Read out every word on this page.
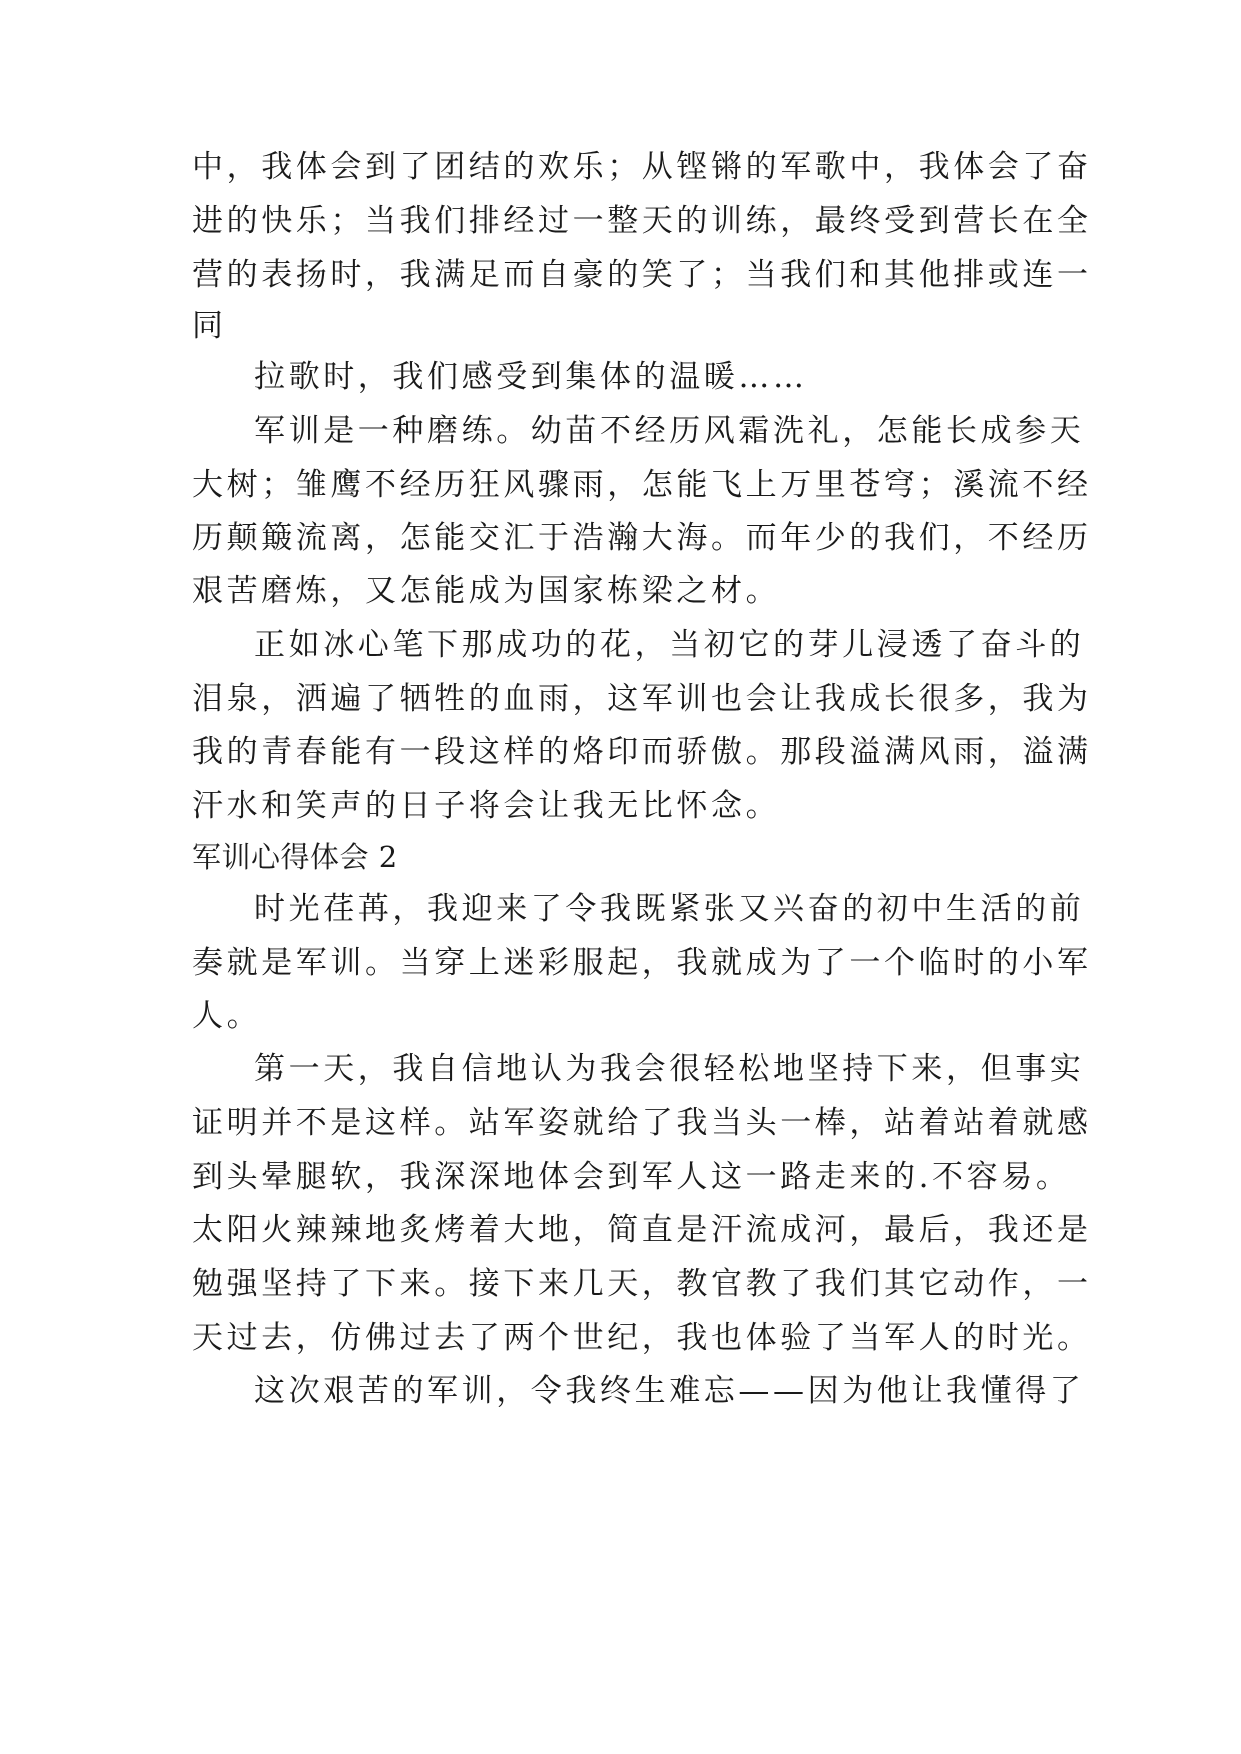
中，我体会到了团结的欢乐；从铿锵的军歌中，我体会了奋
进的快乐；当我们排经过一整天的训练，最终受到营长在全
营的表扬时，我满足而自豪的笑了；当我们和其他排或连一
同
拉歌时，我们感受到集体的温暖……
军训是一种磨练。幼苗不经历风霜洗礼，怎能长成参天
大树；雏鹰不经历狂风骤雨，怎能飞上万里苍穹；溪流不经
历颠簸流离，怎能交汇于浩瀚大海。而年少的我们，不经历
艰苦磨炼，又怎能成为国家栋梁之材。
正如冰心笔下那成功的花，当初它的芽儿浸透了奋斗的
泪泉，洒遍了牺牲的血雨，这军训也会让我成长很多，我为
我的青春能有一段这样的烙印而骄傲。那段溢满风雨，溢满
汗水和笑声的日子将会让我无比怀念。
军训心得体会 2
时光荏苒，我迎来了令我既紧张又兴奋的初中生活的前
奏就是军训。当穿上迷彩服起，我就成为了一个临时的小军
人。
第一天，我自信地认为我会很轻松地坚持下来，但事实
证明并不是这样。站军姿就给了我当头一棒，站着站着就感
到头晕腿软，我深深地体会到军人这一路走来的.不容易。
太阳火辣辣地炙烤着大地，简直是汗流成河，最后，我还是
勉强坚持了下来。接下来几天，教官教了我们其它动作，一
天过去，仿佛过去了两个世纪，我也体验了当军人的时光。
这次艰苦的军训，令我终生难忘——因为他让我懂得了
